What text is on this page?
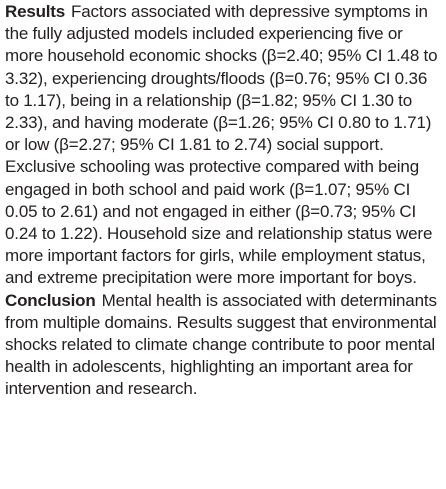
Results Factors associated with depressive symptoms in the fully adjusted models included experiencing five or more household economic shocks (β=2.40; 95% CI 1.48 to 3.32), experiencing droughts/floods (β=0.76; 95% CI 0.36 to 1.17), being in a relationship (β=1.82; 95% CI 1.30 to 2.33), and having moderate (β=1.26; 95% CI 0.80 to 1.71) or low (β=2.27; 95% CI 1.81 to 2.74) social support. Exclusive schooling was protective compared with being engaged in both school and paid work (β=1.07; 95% CI 0.05 to 2.61) and not engaged in either (β=0.73; 95% CI 0.24 to 1.22). Household size and relationship status were more important factors for girls, while employment status, and extreme precipitation were more important for boys.

Conclusion Mental health is associated with determinants from multiple domains. Results suggest that environmental shocks related to climate change contribute to poor mental health in adolescents, highlighting an important area for intervention and research.
